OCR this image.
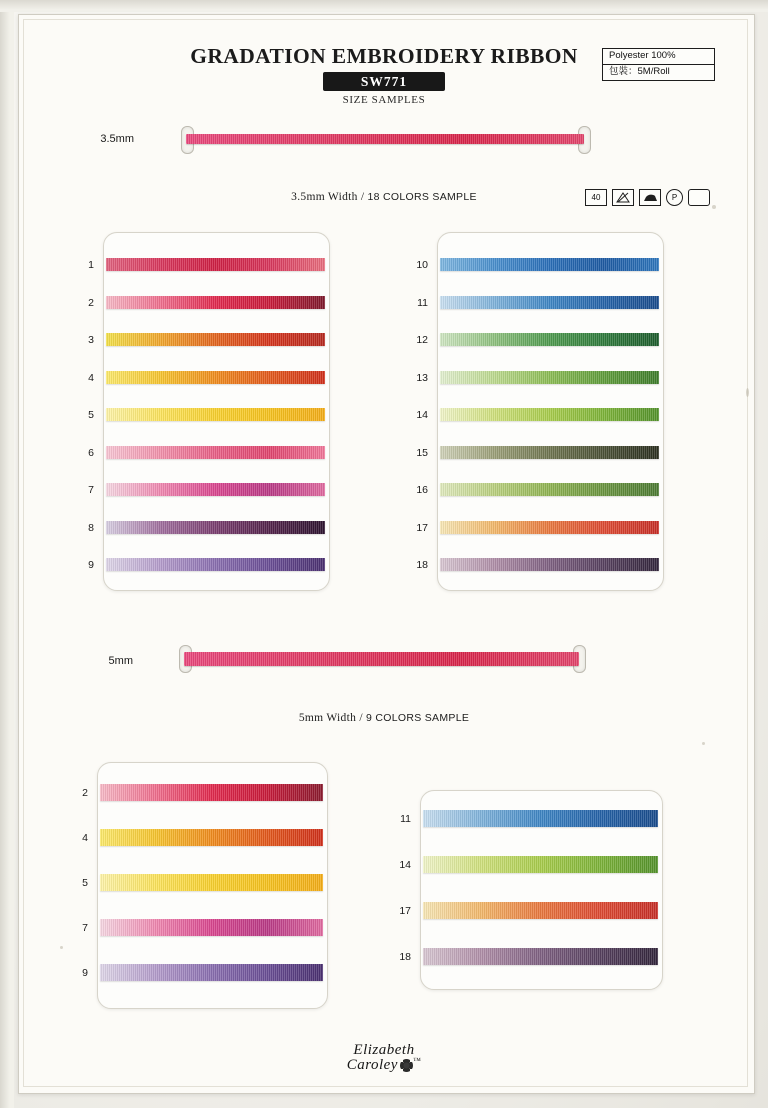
GRADATION EMBROIDERY RIBBON
SW771
SIZE SAMPLES
Polyester 100%
包裝：5M/Roll
3.5mm
3.5mm Width / 18 COLORS SAMPLE	40	P
5mm
5mm Width / 9 COLORS SAMPLE
1
2
3
4
5
6
7
8
9
10
11
12
13
14
15
16
17
18
2
4
5
7
9
11
14
17
18
Elizabeth
Caroley ™
